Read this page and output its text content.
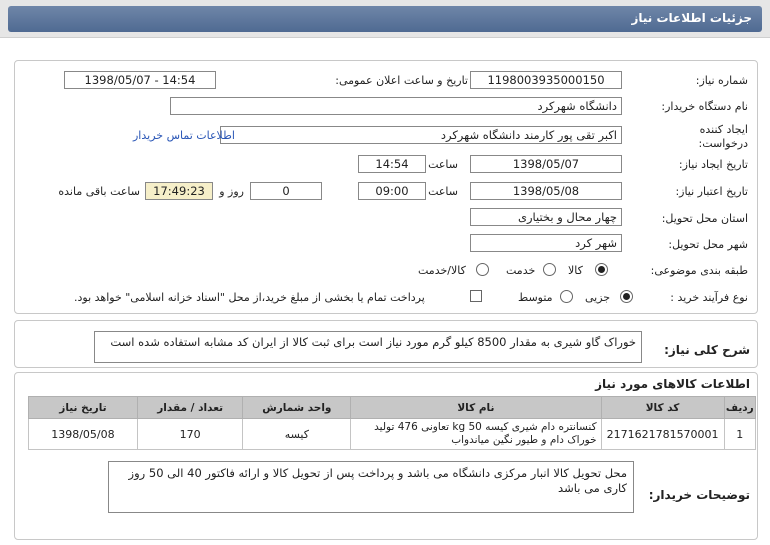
جزئیات اطلاعات نیاز
شماره نیاز:
1198003935000150
تاریخ و ساعت اعلان عمومی:
1398/05/07 - 14:54
نام دستگاه خریدار:
دانشگاه شهرکرد
ایجاد کننده درخواست:
اکبر تقی پور کارمند دانشگاه شهرکرد
اطلاعات تماس خریدار
تاریخ ایجاد نیاز:
1398/05/07
ساعت
14:54
تاریخ اعتبار نیاز:
1398/05/08
ساعت
09:00
0
روز و
17:49:23
ساعت باقی مانده
استان محل تحویل:
چهار محال و بختیاری
شهر محل تحویل:
شهر کرد
طبقه بندی موضوعی:
کالا
خدمت
کالا/خدمت
نوع فرآیند خرید :
جزیی
متوسط
پرداخت تمام یا بخشی از مبلغ خرید،از محل "اسناد خزانه اسلامی" خواهد بود.
شرح کلی نیاز:
خوراک گاو شیری به مقدار 8500 کیلو گرم مورد نیاز است برای ثبت کالا از ایران کد مشابه استفاده شده است
اطلاعات کالاهای مورد نیاز
ردیف	کد کالا	نام کالا	واحد شمارش	تعداد / مقدار	تاریخ نیاز
1	2171621781570001	کنسانتره دام شیری کیسه 50 kg تعاونی 476 تولید خوراک دام و طیور نگین میاندواب	کیسه	170	1398/05/08
توضیحات خریدار:
محل تحویل کالا انبار مرکزی دانشگاه می باشد و پرداخت پس از تحویل کالا و ارائه فاکتور 40 الی 50 روز کاری می باشد
